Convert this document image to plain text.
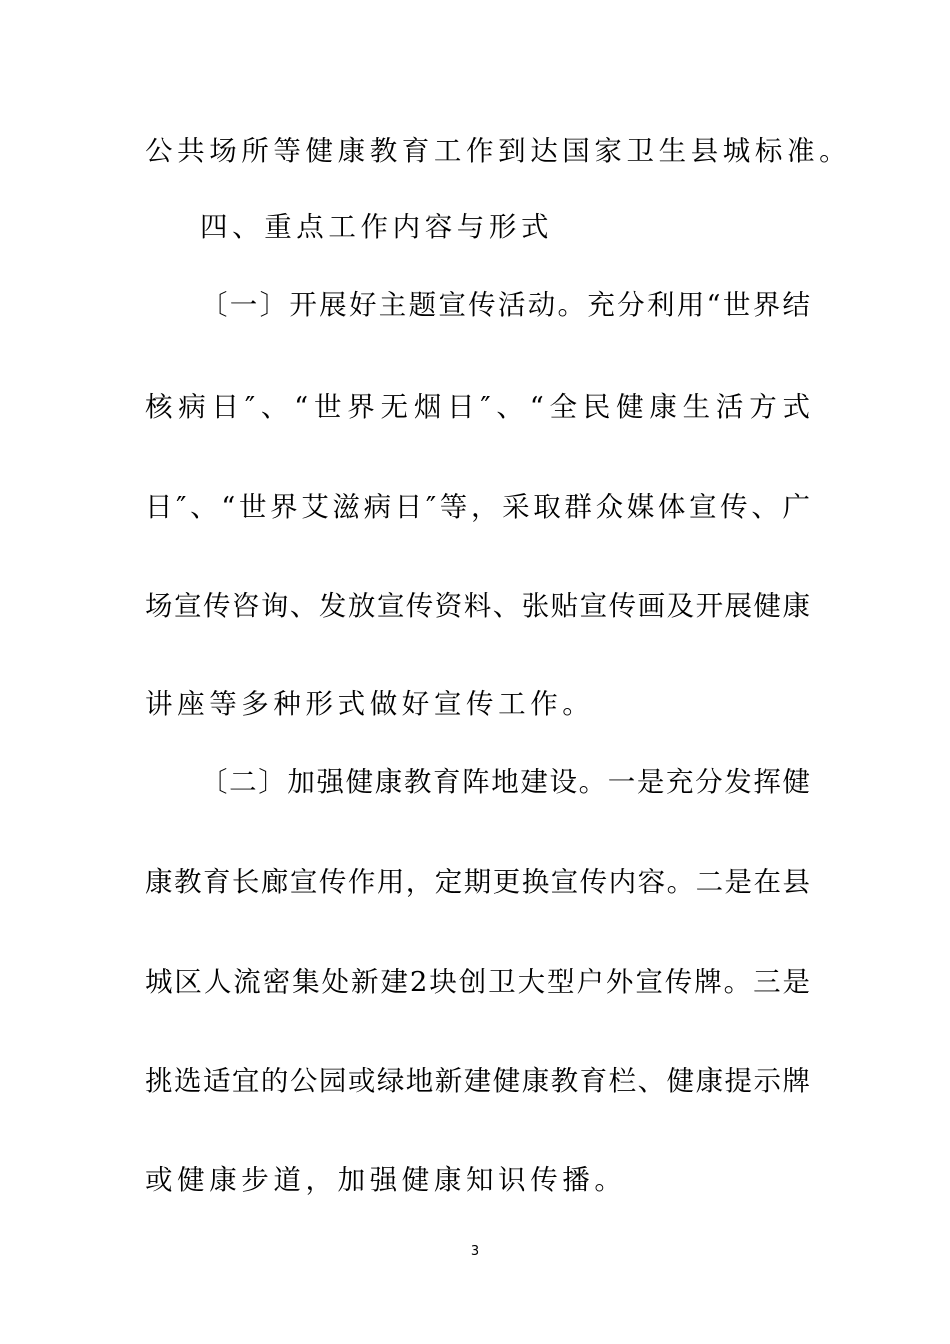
公共场所等健康教育工作到达国家卫生县城标准。
四、重点工作内容与形式
〔一〕开展好主题宣传活动。充分利用“世界结
核病日″、“世界无烟日″、“全民健康生活方式
日″、“世界艾滋病日″等，采取群众媒体宣传、广
场宣传咨询、发放宣传资料、张贴宣传画及开展健康
讲座等多种形式做好宣传工作。
〔二〕加强健康教育阵地建设。一是充分发挥健
康教育长廊宣传作用，定期更换宣传内容。二是在县
城区人流密集处新建2块创卫大型户外宣传牌。三是
挑选适宜的公园或绿地新建健康教育栏、健康提示牌
或健康步道，加强健康知识传播。
3
